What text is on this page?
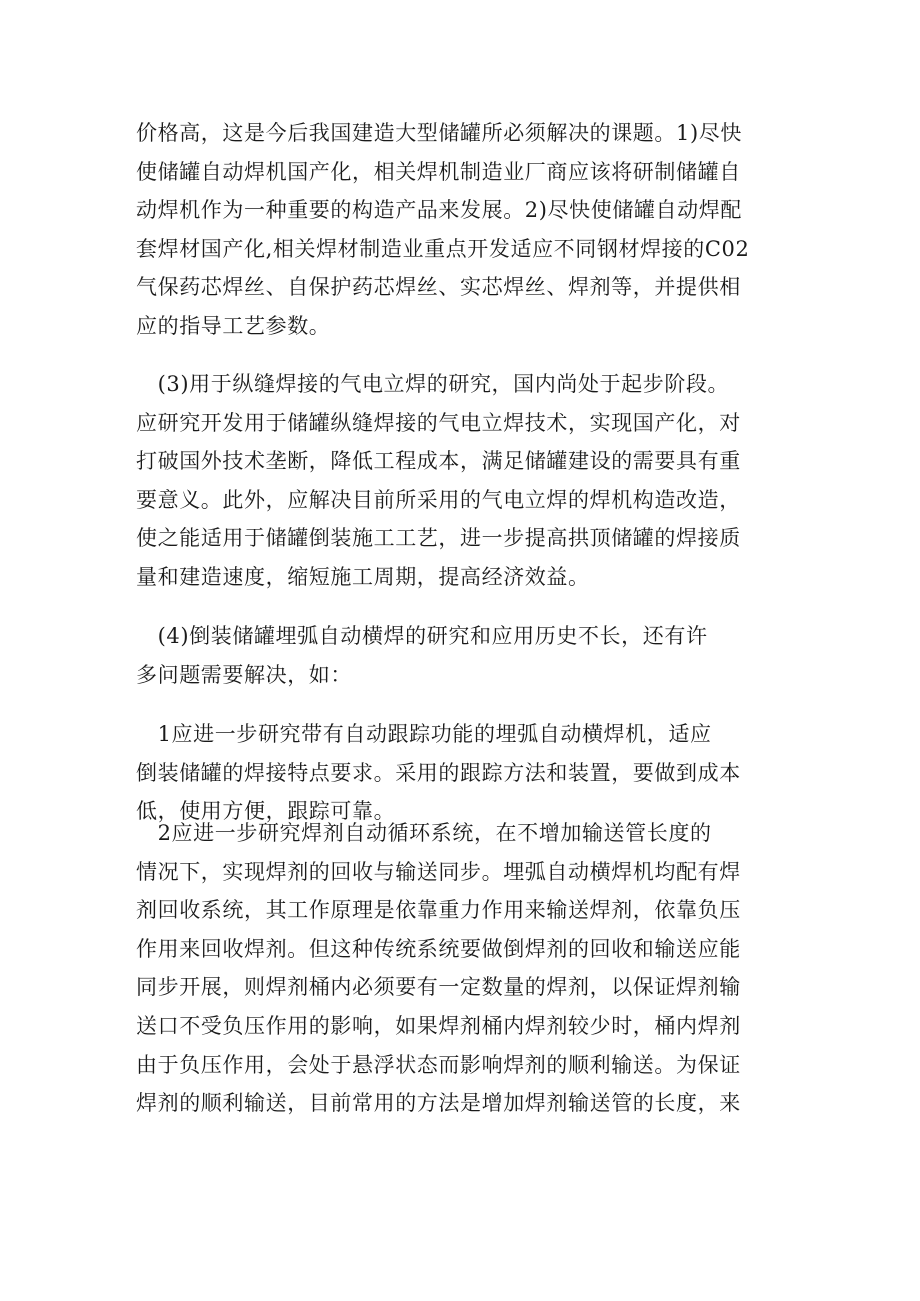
价格高，这是今后我国建造大型储罐所必须解决的课题。1)尽快
使储罐自动焊机国产化，相关焊机制造业厂商应该将研制储罐自
动焊机作为一种重要的构造产品来发展。2)尽快使储罐自动焊配
套焊材国产化,相关焊材制造业重点开发适应不同钢材焊接的C02
气保药芯焊丝、自保护药芯焊丝、实芯焊丝、焊剂等，并提供相
应的指导工艺参数。
　(3)用于纵缝焊接的气电立焊的研究，国内尚处于起步阶段。
应研究开发用于储罐纵缝焊接的气电立焊技术，实现国产化，对
打破国外技术垄断，降低工程成本，满足储罐建设的需要具有重
要意义。此外，应解决目前所采用的气电立焊的焊机构造改造，
使之能适用于储罐倒装施工工艺，进一步提高拱顶储罐的焊接质
量和建造速度，缩短施工周期，提高经济效益。
　(4)倒装储罐埋弧自动横焊的研究和应用历史不长，还有许
多问题需要解决，如：
　1应进一步研究带有自动跟踪功能的埋弧自动横焊机，适应
倒装储罐的焊接特点要求。采用的跟踪方法和装置，要做到成本
低，使用方便，跟踪可靠。
　2应进一步研究焊剂自动循环系统，在不增加输送管长度的
情况下，实现焊剂的回收与输送同步。埋弧自动横焊机均配有焊
剂回收系统，其工作原理是依靠重力作用来输送焊剂，依靠负压
作用来回收焊剂。但这种传统系统要做倒焊剂的回收和输送应能
同步开展，则焊剂桶内必须要有一定数量的焊剂，以保证焊剂输
送口不受负压作用的影响，如果焊剂桶内焊剂较少时，桶内焊剂
由于负压作用，会处于悬浮状态而影响焊剂的顺利输送。为保证
焊剂的顺利输送，目前常用的方法是增加焊剂输送管的长度，来
